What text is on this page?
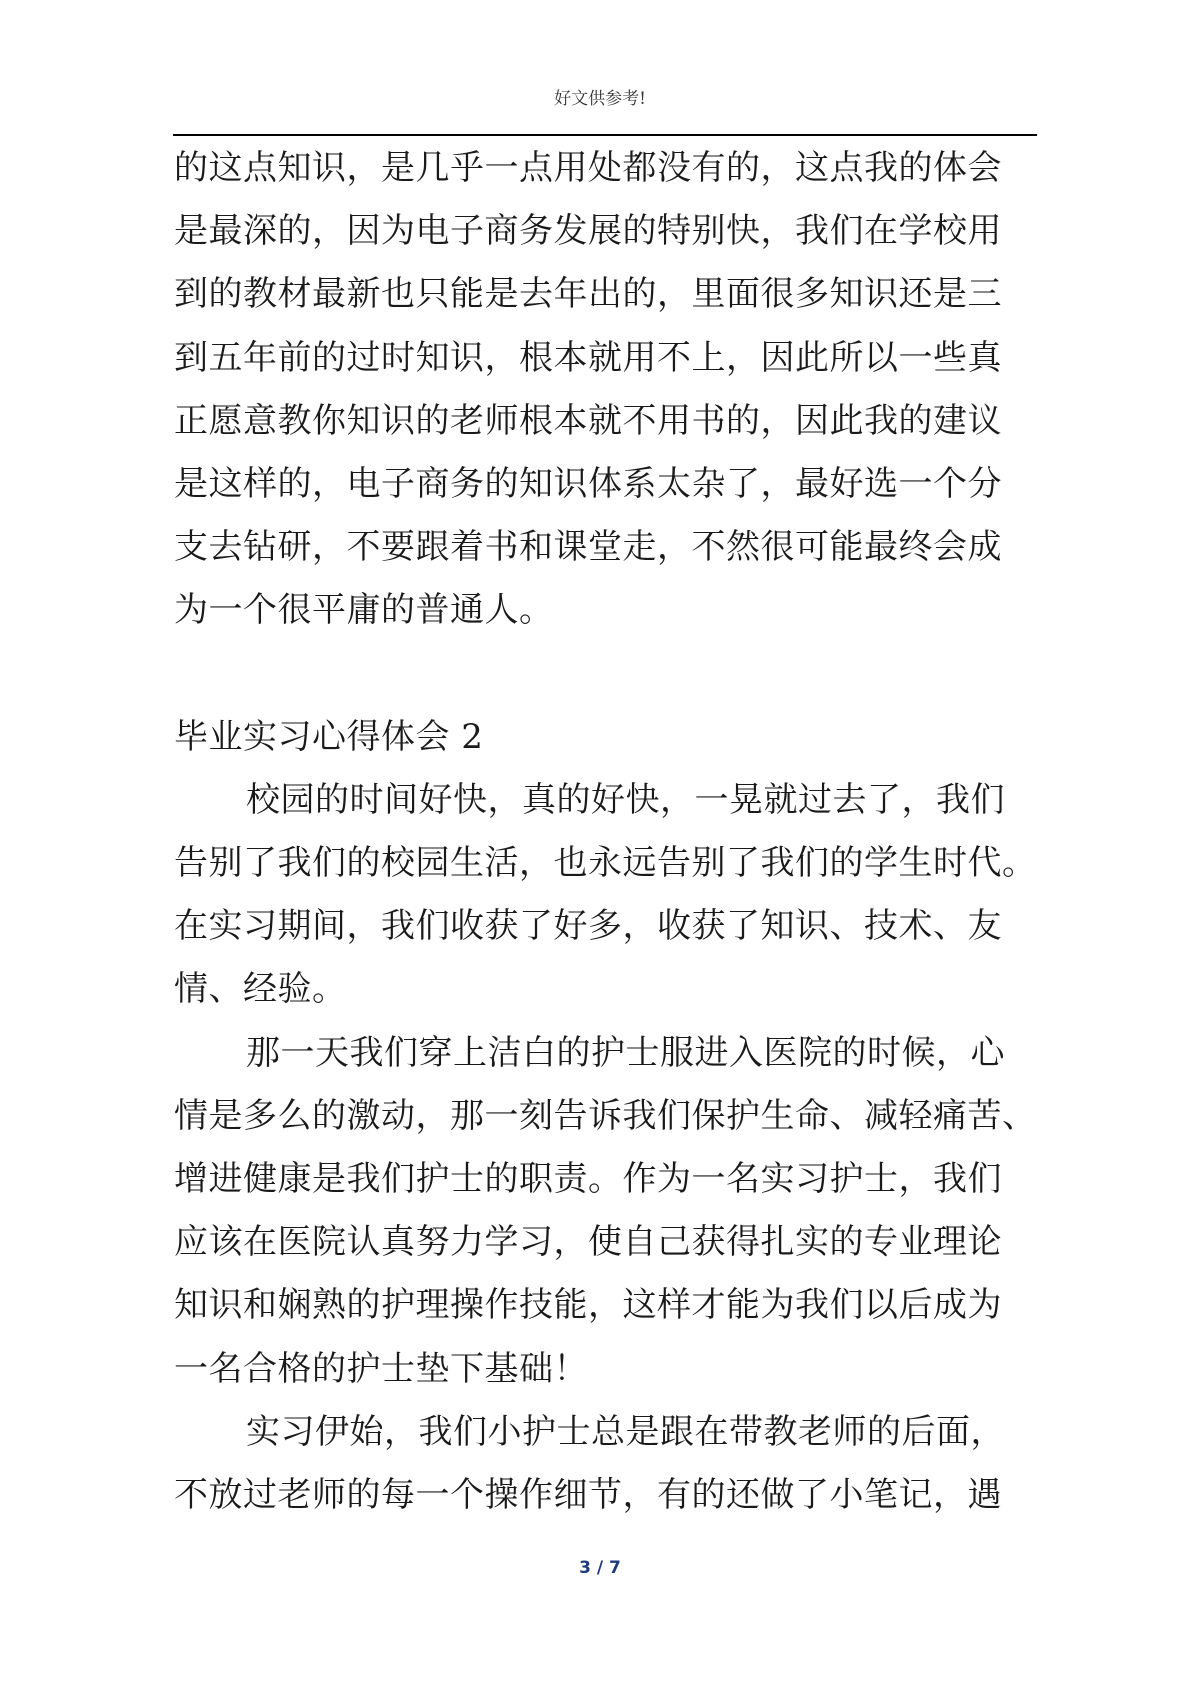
好文供参考!
的这点知识，是几乎一点用处都没有的，这点我的体会
是最深的，因为电子商务发展的特别快，我们在学校用
到的教材最新也只能是去年出的，里面很多知识还是三
到五年前的过时知识，根本就用不上，因此所以一些真
正愿意教你知识的老师根本就不用书的，因此我的建议
是这样的，电子商务的知识体系太杂了，最好选一个分
支去钻研，不要跟着书和课堂走，不然很可能最终会成
为一个很平庸的普通人。
毕业实习心得体会 2
校园的时间好快，真的好快，一晃就过去了，我们
告别了我们的校园生活，也永远告别了我们的学生时代。
在实习期间，我们收获了好多，收获了知识、技术、友
情、经验。
那一天我们穿上洁白的护士服进入医院的时候，心
情是多么的激动，那一刻告诉我们保护生命、减轻痛苦、
增进健康是我们护士的职责。作为一名实习护士，我们
应该在医院认真努力学习，使自己获得扎实的专业理论
知识和娴熟的护理操作技能，这样才能为我们以后成为
一名合格的护士垫下基础！
实习伊始，我们小护士总是跟在带教老师的后面，
不放过老师的每一个操作细节，有的还做了小笔记，遇
3 / 7
